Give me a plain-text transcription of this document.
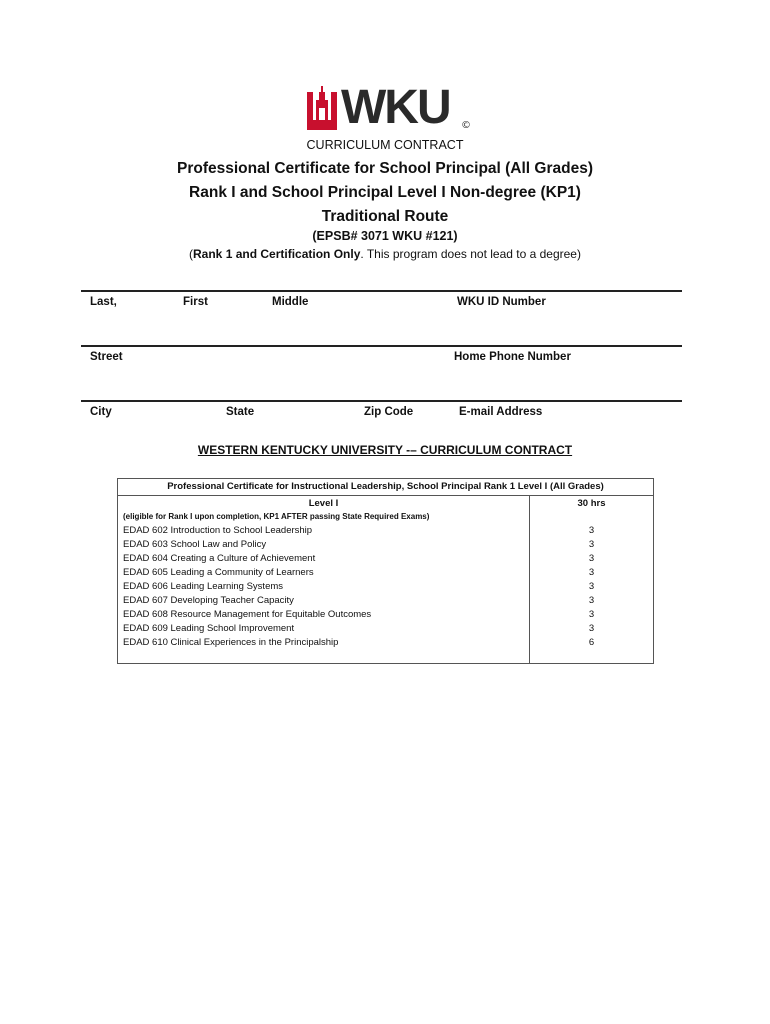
WKU ©
CURRICULUM CONTRACT
Professional Certificate for School Principal (All Grades)
Rank I and School Principal Level I Non-degree (KP1)
Traditional Route
(EPSB# 3071 WKU #121)
(Rank 1 and Certification Only. This program does not lead to a degree)
Last,	First	Middle	WKU ID Number
Street	Home Phone Number
City	State	Zip Code	E-mail Address
WESTERN KENTUCKY UNIVERSITY -– CURRICULUM CONTRACT
Professional Certificate for Instructional Leadership, School Principal Rank 1 Level I (All Grades)
Level I	30 hrs
(eligible for Rank I upon completion, KP1 AFTER passing State Required Exams)
EDAD 602 Introduction to School Leadership	3
EDAD 603 School Law and Policy	3
EDAD 604 Creating a Culture of Achievement	3
EDAD 605 Leading a Community of Learners	3
EDAD 606 Leading Learning Systems	3
EDAD 607 Developing Teacher Capacity	3
EDAD 608 Resource Management for Equitable Outcomes	3
EDAD 609 Leading School Improvement	3
EDAD 610 Clinical Experiences in the Principalship	6
